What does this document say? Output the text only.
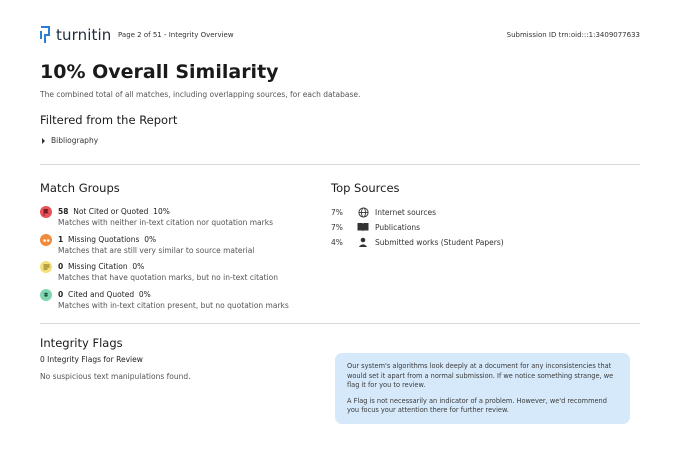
turnitin Page 2 of 51 - Integrity Overview	Submission ID trn:oid:::1:3409077633
10% Overall Similarity
The combined total of all matches, including overlapping sources, for each database.
Filtered from the Report
Bibliography
Match Groups
58 Not Cited or Quoted 10%
Matches with neither in-text citation nor quotation marks
1 Missing Quotations 0%
Matches that are still very similar to source material
0 Missing Citation 0%
Matches that have quotation marks, but no in-text citation
0 Cited and Quoted 0%
Matches with in-text citation present, but no quotation marks
Top Sources
7%	Internet sources
7%	Publications
4%	Submitted works (Student Papers)
Integrity Flags
0 Integrity Flags for Review
No suspicious text manipulations found.

Our system's algorithms look deeply at a document for any inconsistencies that would set it apart from a normal submission. If we notice something strange, we flag it for you to review.

A Flag is not necessarily an indicator of a problem. However, we'd recommend you focus your attention there for further review.
